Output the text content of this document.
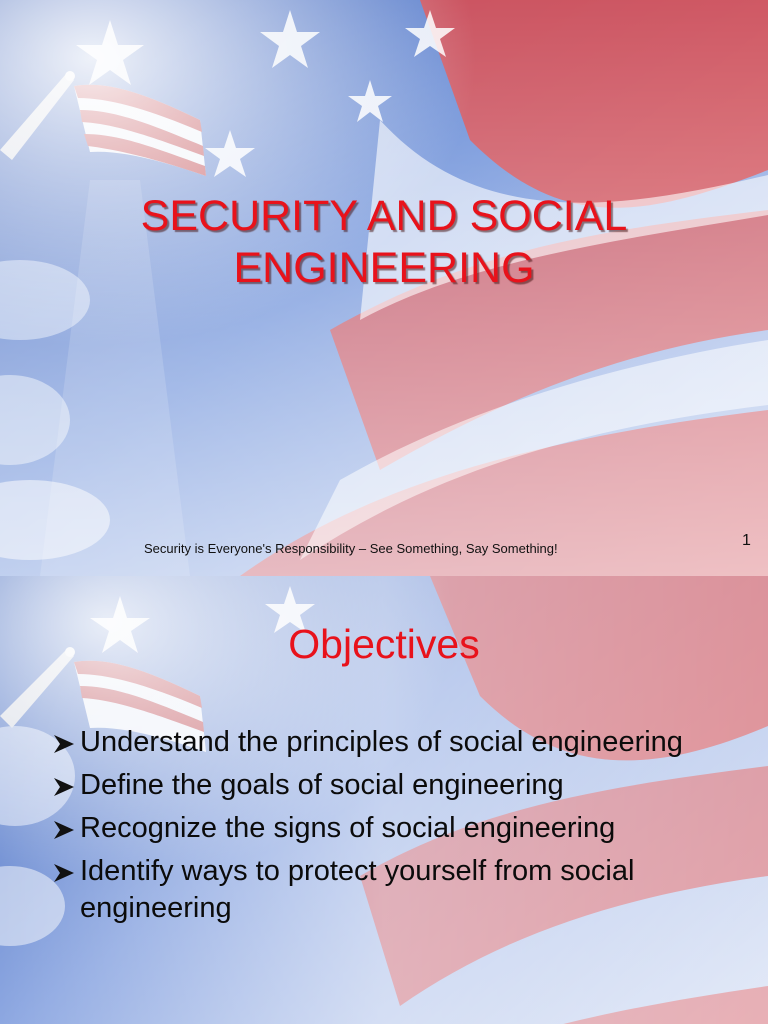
SECURITY AND SOCIAL ENGINEERING
Security is Everyone's Responsibility – See Something, Say Something!	1
Objectives
Understand the principles of social engineering
Define the goals of social engineering
Recognize the signs of social engineering
Identify ways to protect yourself from social engineering
